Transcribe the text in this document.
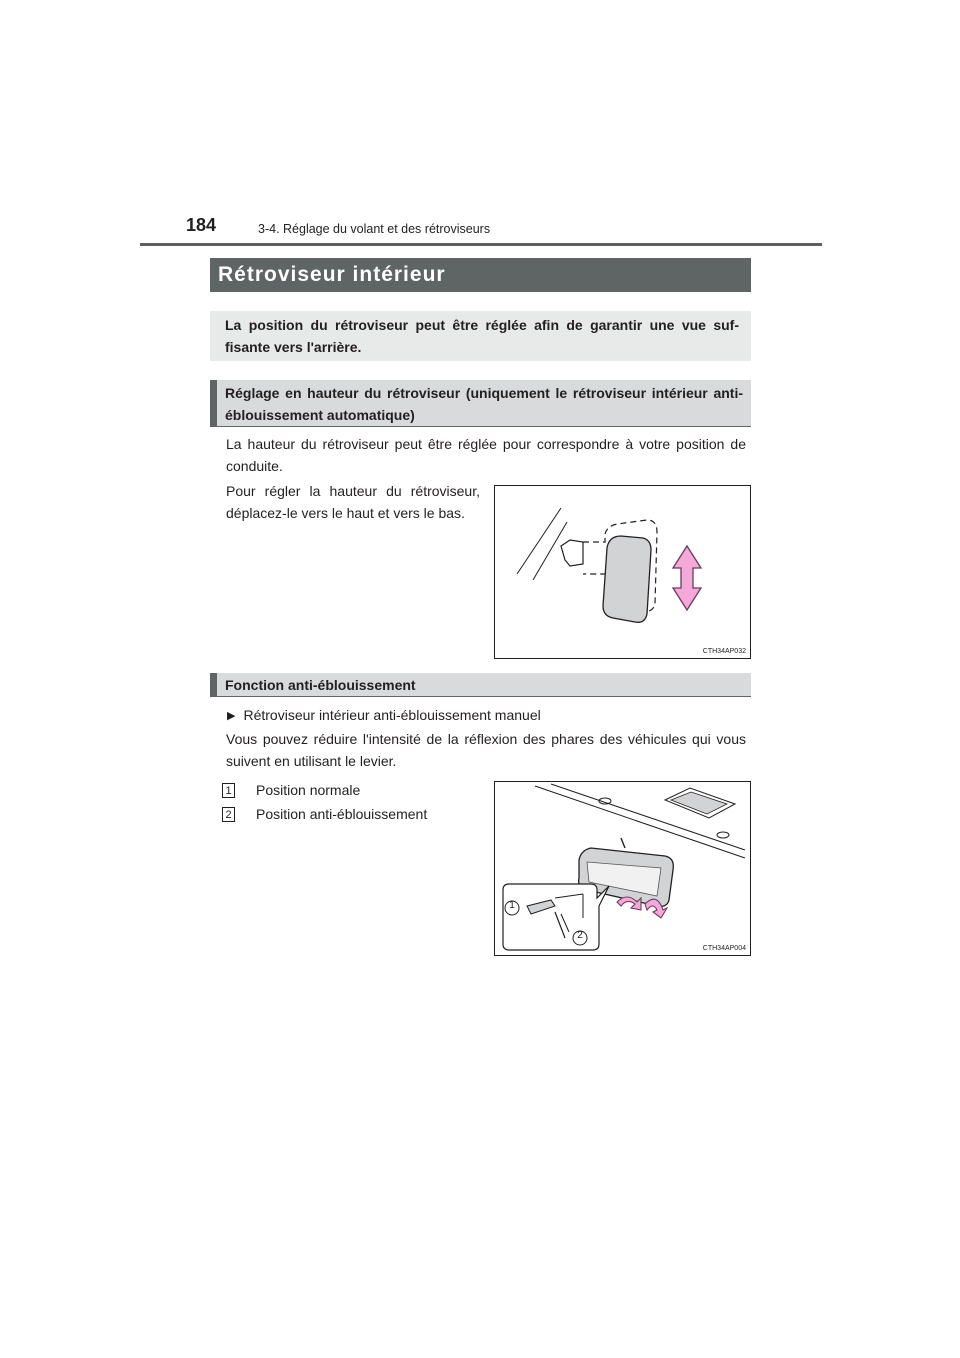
184	3-4. Réglage du volant et des rétroviseurs
Rétroviseur intérieur
La position du rétroviseur peut être réglée afin de garantir une vue suf-fisante vers l'arrière.
Réglage en hauteur du rétroviseur (uniquement le rétroviseur intérieur anti-éblouissement automatique)
La hauteur du rétroviseur peut être réglée pour correspondre à votre position de conduite.
Pour régler la hauteur du rétroviseur, déplacez-le vers le haut et vers le bas.
CTH34AP032
Fonction anti-éblouissement
▶ Rétroviseur intérieur anti-éblouissement manuel
Vous pouvez réduire l'intensité de la réflexion des phares des véhicules qui vous suivent en utilisant le levier.
1 Position normale
2 Position anti-éblouissement
1
2
CTH34AP004
